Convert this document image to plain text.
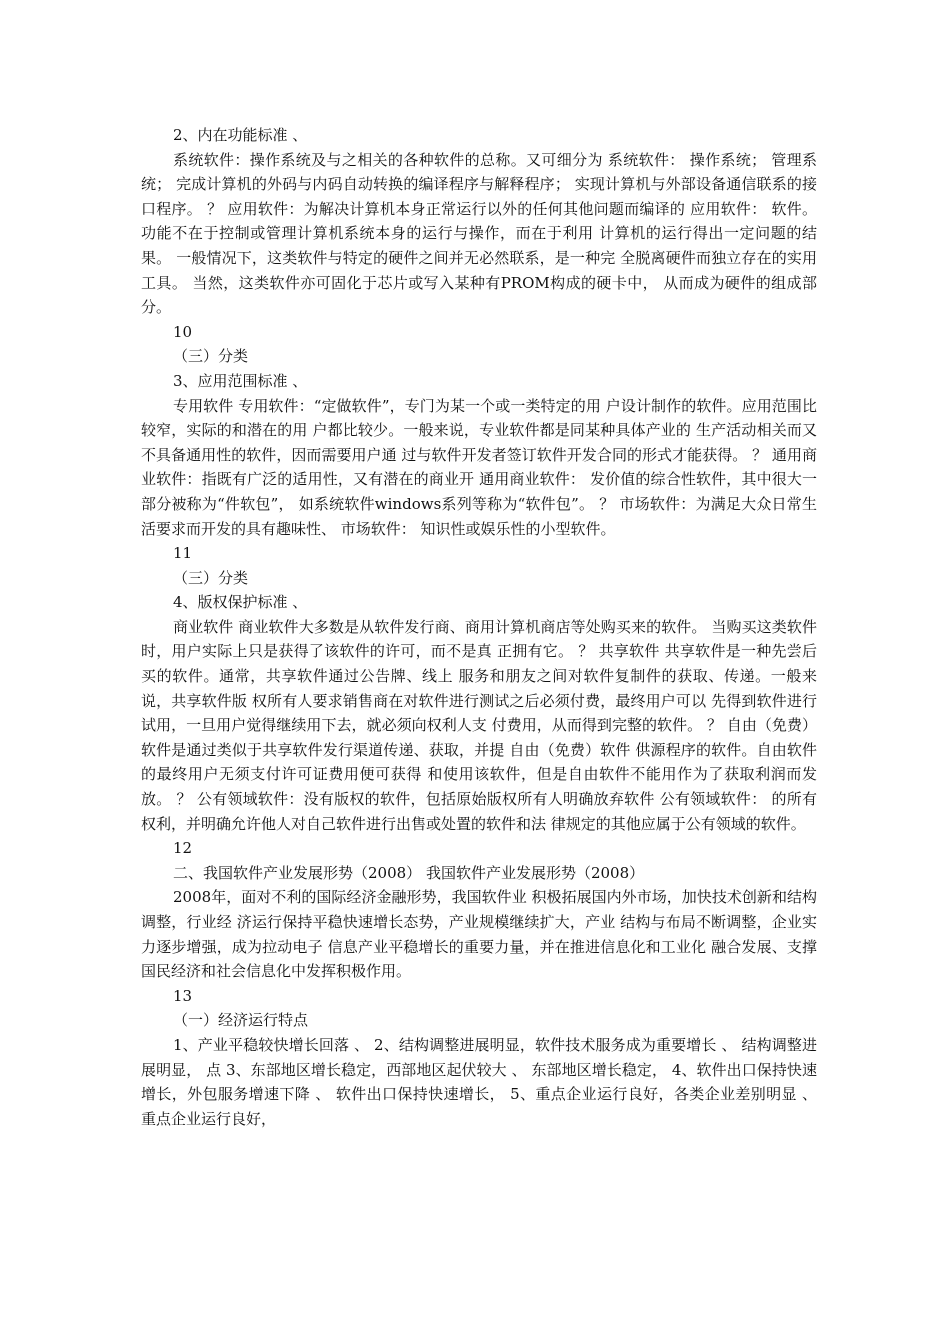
2、内在功能标准 、

系统软件：操作系统及与之相关的各种软件的总称。又可细分为 系统软件： 操作系统； 管理系统； 完成计算机的外码与内码自动转换的编译程序与解释程序； 实现计算机与外部设备通信联系的接口程序。 ？ 应用软件：为解决计算机本身正常运行以外的任何其他问题而编译的 应用软件： 软件。 功能不在于控制或管理计算机系统本身的运行与操作，而在于利用 计算机的运行得出一定问题的结果。 一般情况下，这类软件与特定的硬件之间并无必然联系，是一种完 全脱离硬件而独立存在的实用工具。 当然，这类软件亦可固化于芯片或写入某种有PROM构成的硬卡中， 从而成为硬件的组成部分。

10

（三）分类

3、应用范围标准 、

专用软件 专用软件：“定做软件”，专门为某一个或一类特定的用 户设计制作的软件。应用范围比较窄，实际的和潜在的用 户都比较少。一般来说，专业软件都是同某种具体产业的 生产活动相关而又不具备通用性的软件，因而需要用户通 过与软件开发者签订软件开发合同的形式才能获得。 ？ 通用商业软件：指既有广泛的适用性，又有潜在的商业开 通用商业软件： 发价值的综合性软件，其中很大一部分被称为“件软包”， 如系统软件windows系列等称为“软件包”。 ？ 市场软件：为满足大众日常生活要求而开发的具有趣味性、 市场软件： 知识性或娱乐性的小型软件。

11

（三）分类

4、版权保护标准 、

商业软件 商业软件大多数是从软件发行商、商用计算机商店等处购买来的软件。 当购买这类软件时，用户实际上只是获得了该软件的许可，而不是真 正拥有它。 ？ 共享软件 共享软件是一种先尝后买的软件。通常，共享软件通过公告牌、线上 服务和朋友之间对软件复制件的获取、传递。一般来说，共享软件版 权所有人要求销售商在对软件进行测试之后必须付费，最终用户可以 先得到软件进行试用，一旦用户觉得继续用下去，就必须向权利人支 付费用，从而得到完整的软件。 ？ 自由（免费）软件是通过类似于共享软件发行渠道传递、获取，并提 自由（免费）软件 供源程序的软件。自由软件的最终用户无须支付许可证费用便可获得 和使用该软件，但是自由软件不能用作为了获取利润而发放。 ？ 公有领域软件：没有版权的软件，包括原始版权所有人明确放弃软件 公有领域软件： 的所有权利，并明确允许他人对自己软件进行出售或处置的软件和法 律规定的其他应属于公有领域的软件。

12

二、我国软件产业发展形势（2008） 我国软件产业发展形势（2008）

2008年，面对不利的国际经济金融形势，我国软件业 积极拓展国内外市场，加快技术创新和结构调整，行业经 济运行保持平稳快速增长态势，产业规模继续扩大，产业 结构与布局不断调整，企业实力逐步增强，成为拉动电子 信息产业平稳增长的重要力量，并在推进信息化和工业化 融合发展、支撑国民经济和社会信息化中发挥积极作用。

13

（一）经济运行特点

1、产业平稳较快增长回落 、 2、结构调整进展明显，软件技术服务成为重要增长 、 结构调整进展明显， 点 3、东部地区增长稳定，西部地区起伏较大 、 东部地区增长稳定， 4、软件出口保持快速增长，外包服务增速下降 、 软件出口保持快速增长， 5、重点企业运行良好，各类企业差别明显 、 重点企业运行良好，
